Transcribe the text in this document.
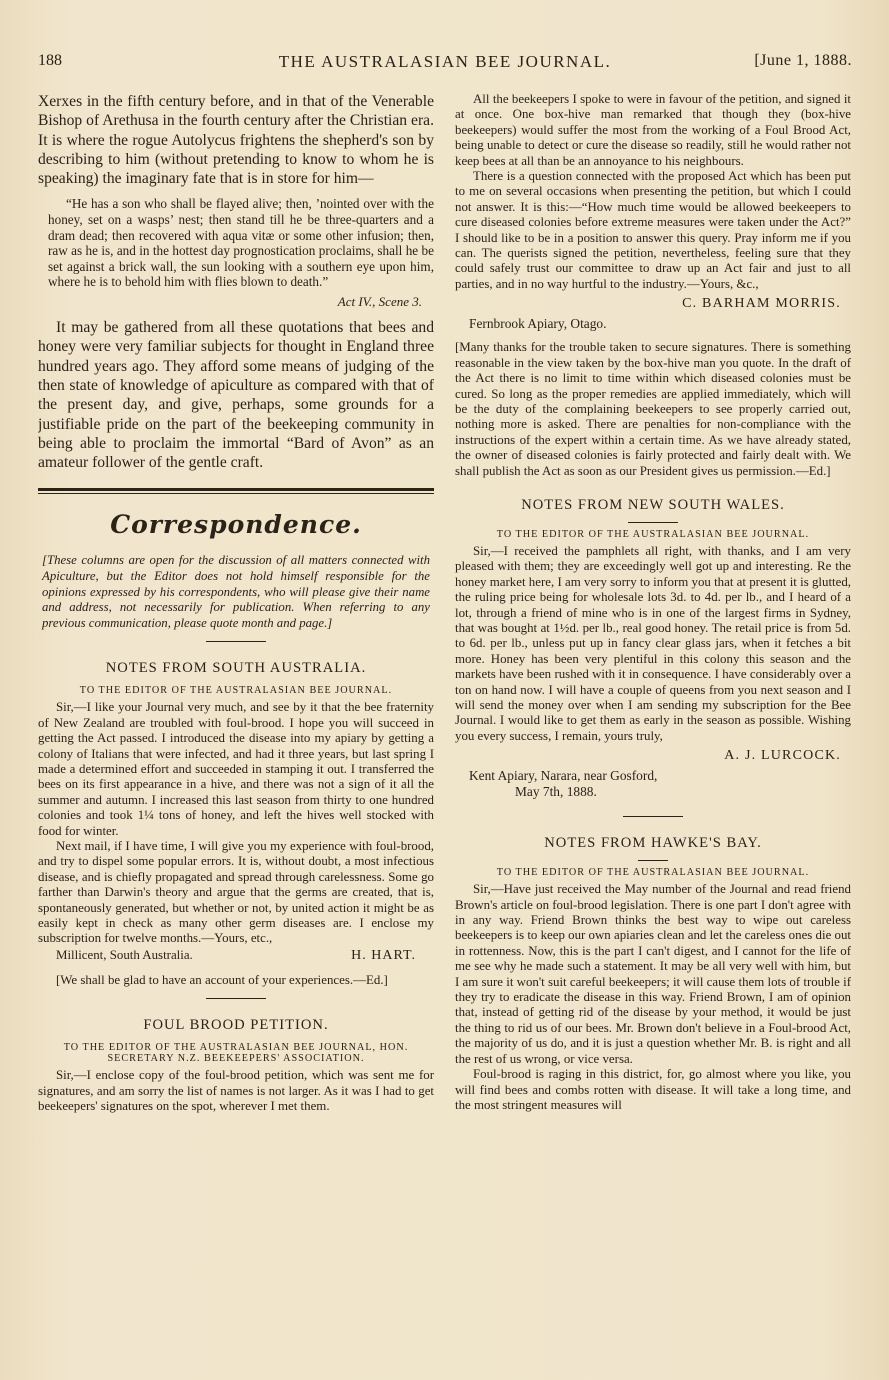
188	THE AUSTRALASIAN BEE JOURNAL.	[June 1, 1888.

Xerxes in the fifth century before, and in that of the Venerable Bishop of Arethusa in the fourth century after the Christian era. It is where the rogue Autolycus frightens the shepherd's son by describing to him (without pretending to know to whom he is speaking) the imaginary fate that is in store for him—

“He has a son who shall be flayed alive; then, ’nointed over with the honey, set on a wasps’ nest; then stand till he be three-quarters and a dram dead; then recovered with aqua vitæ or some other infusion; then, raw as he is, and in the hottest day prognostication proclaims, shall he be set against a brick wall, the sun looking with a southern eye upon him, where he is to behold him with flies blown to death.”

Act IV., Scene 3.

It may be gathered from all these quotations that bees and honey were very familiar subjects for thought in England three hundred years ago. They afford some means of judging of the then state of knowledge of apiculture as compared with that of the present day, and give, perhaps, some grounds for a justifiable pride on the part of the beekeeping community in being able to proclaim the immortal “Bard of Avon” as an amateur follower of the gentle craft.

Correspondence.

[These columns are open for the discussion of all matters connected with Apiculture, but the Editor does not hold himself responsible for the opinions expressed by his correspondents, who will please give their name and address, not necessarily for publication. When referring to any previous communication, please quote month and page.]

NOTES FROM SOUTH AUSTRALIA.
TO THE EDITOR OF THE AUSTRALASIAN BEE JOURNAL.

Sir,—I like your Journal very much, and see by it that the bee fraternity of New Zealand are troubled with foul-brood. I hope you will succeed in getting the Act passed. I introduced the disease into my apiary by getting a colony of Italians that were infected, and had it three years, but last spring I made a determined effort and succeeded in stamping it out. I transferred the bees on its first appearance in a hive, and there was not a sign of it all the summer and autumn. I increased this last season from thirty to one hundred colonies and took 1¼ tons of honey, and left the hives well stocked with food for winter.

Next mail, if I have time, I will give you my experience with foul-brood, and try to dispel some popular errors. It is, without doubt, a most infectious disease, and is chiefly propagated and spread through carelessness. Some go farther than Darwin's theory and argue that the germs are created, that is, spontaneously generated, but whether or not, by united action it might be as easily kept in check as many other germ diseases are. I enclose my subscription for twelve months.—Yours, etc.,

Millicent, South Australia.	H. HART.

[We shall be glad to have an account of your experiences.—Ed.]

FOUL BROOD PETITION.
TO THE EDITOR OF THE AUSTRALASIAN BEE JOURNAL, HON. SECRETARY N.Z. BEEKEEPERS' ASSOCIATION.

Sir,—I enclose copy of the foul-brood petition, which was sent me for signatures, and am sorry the list of names is not larger. As it was I had to get beekeepers' signatures on the spot, wherever I met them.

All the beekeepers I spoke to were in favour of the petition, and signed it at once. One box-hive man remarked that though they (box-hive beekeepers) would suffer the most from the working of a Foul Brood Act, being unable to detect or cure the disease so readily, still he would rather not keep bees at all than be an annoyance to his neighbours.

There is a question connected with the proposed Act which has been put to me on several occasions when presenting the petition, but which I could not answer. It is this:—“How much time would be allowed beekeepers to cure diseased colonies before extreme measures were taken under the Act?” I should like to be in a position to answer this query. Pray inform me if you can. The querists signed the petition, nevertheless, feeling sure that they could safely trust our committee to draw up an Act fair and just to all parties, and in no way hurtful to the industry.—Yours, &c.,

C. BARHAM MORRIS.
Fernbrook Apiary, Otago.

[Many thanks for the trouble taken to secure signatures. There is something reasonable in the view taken by the box-hive man you quote. In the draft of the Act there is no limit to time within which diseased colonies must be cured. So long as the proper remedies are applied immediately, which will be the duty of the complaining beekeepers to see properly carried out, nothing more is asked. There are penalties for non-compliance with the instructions of the expert within a certain time. As we have already stated, the owner of diseased colonies is fairly protected and fairly dealt with. We shall publish the Act as soon as our President gives us permission.—Ed.]

NOTES FROM NEW SOUTH WALES.
TO THE EDITOR OF THE AUSTRALASIAN BEE JOURNAL.

Sir,—I received the pamphlets all right, with thanks, and I am very pleased with them; they are exceedingly well got up and interesting. Re the honey market here, I am very sorry to inform you that at present it is glutted, the ruling price being for wholesale lots 3d. to 4d. per lb., and I heard of a lot, through a friend of mine who is in one of the largest firms in Sydney, that was bought at 1½d. per lb., real good honey. The retail price is from 5d. to 6d. per lb., unless put up in fancy clear glass jars, when it fetches a bit more. Honey has been very plentiful in this colony this season and the markets have been rushed with it in consequence. I have considerably over a ton on hand now. I will have a couple of queens from you next season and I will send the money over when I am sending my subscription for the Bee Journal. I would like to get them as early in the season as possible. Wishing you every success, I remain, yours truly,

A. J. LURCOCK.
Kent Apiary, Narara, near Gosford,
May 7th, 1888.
NOTES FROM HAWKE'S BAY.
TO THE EDITOR OF THE AUSTRALASIAN BEE JOURNAL.

Sir,—Have just received the May number of the Journal and read friend Brown's article on foul-brood legislation. There is one part I don't agree with in any way. Friend Brown thinks the best way to wipe out careless beekeepers is to keep our own apiaries clean and let the careless ones die out in rottenness. Now, this is the part I can't digest, and I cannot for the life of me see why he made such a statement. It may be all very well with him, but I am sure it won't suit careful beekeepers; it will cause them lots of trouble if they try to eradicate the disease in this way. Friend Brown, I am of opinion that, instead of getting rid of the disease by your method, it would be just the thing to rid us of our bees. Mr. Brown don't believe in a Foul-brood Act, the majority of us do, and it is just a question whether Mr. B. is right and all the rest of us wrong, or vice versa.

Foul-brood is raging in this district, for, go almost where you like, you will find bees and combs rotten with disease. It will take a long time, and the most stringent measures will
